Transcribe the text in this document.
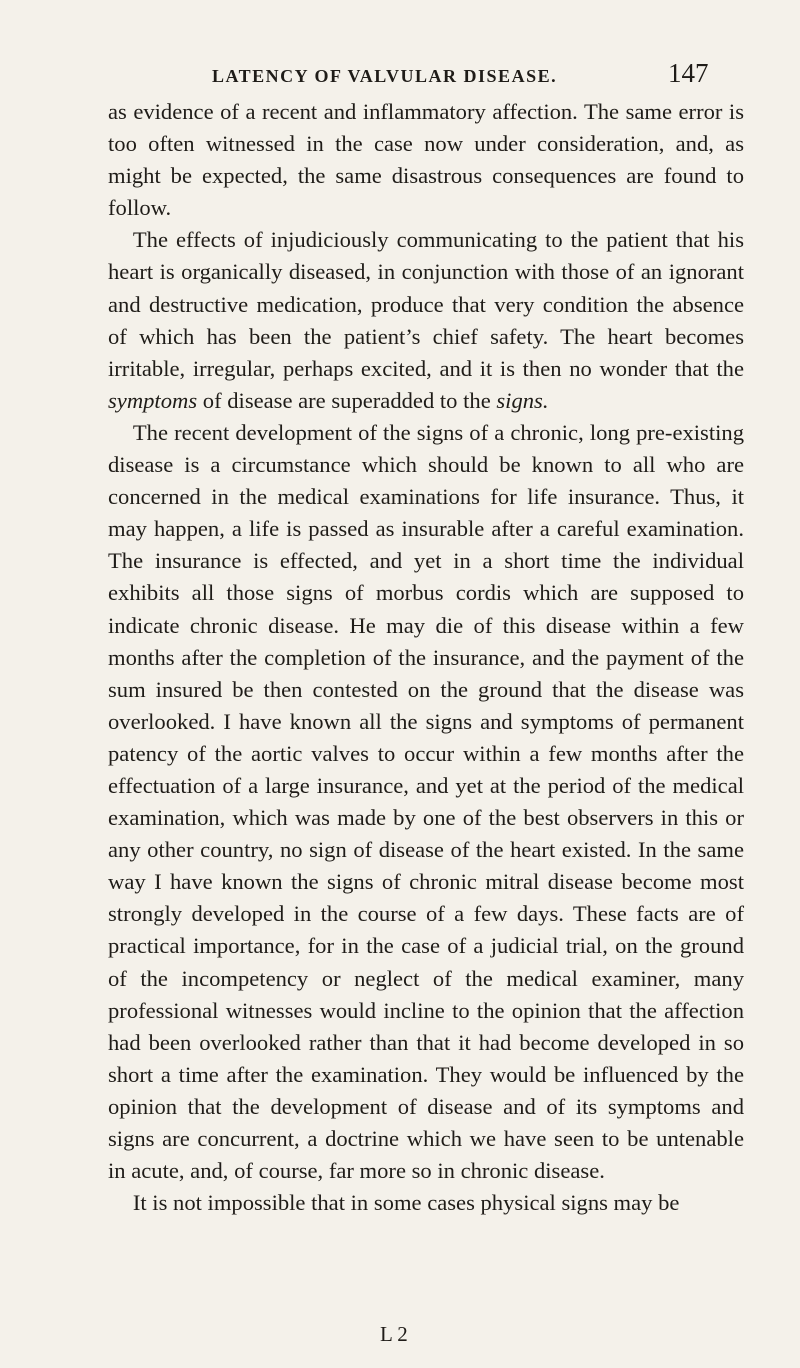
LATENCY OF VALVULAR DISEASE.	147

as evidence of a recent and inflammatory affection. The same error is too often witnessed in the case now under consideration, and, as might be expected, the same disastrous consequences are found to follow.

The effects of injudiciously communicating to the patient that his heart is organically diseased, in conjunction with those of an ignorant and destructive medication, produce that very condition the absence of which has been the patient’s chief safety. The heart becomes irritable, irregular, perhaps excited, and it is then no wonder that the symptoms of disease are superadded to the signs.

The recent development of the signs of a chronic, long pre-existing disease is a circumstance which should be known to all who are concerned in the medical examinations for life insurance. Thus, it may happen, a life is passed as insurable after a careful examination. The insurance is effected, and yet in a short time the individual exhibits all those signs of morbus cordis which are supposed to indicate chronic disease. He may die of this disease within a few months after the completion of the insurance, and the payment of the sum insured be then contested on the ground that the disease was overlooked. I have known all the signs and symptoms of permanent patency of the aortic valves to occur within a few months after the effectuation of a large insurance, and yet at the period of the medical examination, which was made by one of the best observers in this or any other country, no sign of disease of the heart existed. In the same way I have known the signs of chronic mitral disease become most strongly developed in the course of a few days. These facts are of practical importance, for in the case of a judicial trial, on the ground of the incompetency or neglect of the medical examiner, many professional witnesses would incline to the opinion that the affection had been overlooked rather than that it had become developed in so short a time after the examination. They would be influenced by the opinion that the development of disease and of its symptoms and signs are concurrent, a doctrine which we have seen to be untenable in acute, and, of course, far more so in chronic disease.

It is not impossible that in some cases physical signs may be

L 2
